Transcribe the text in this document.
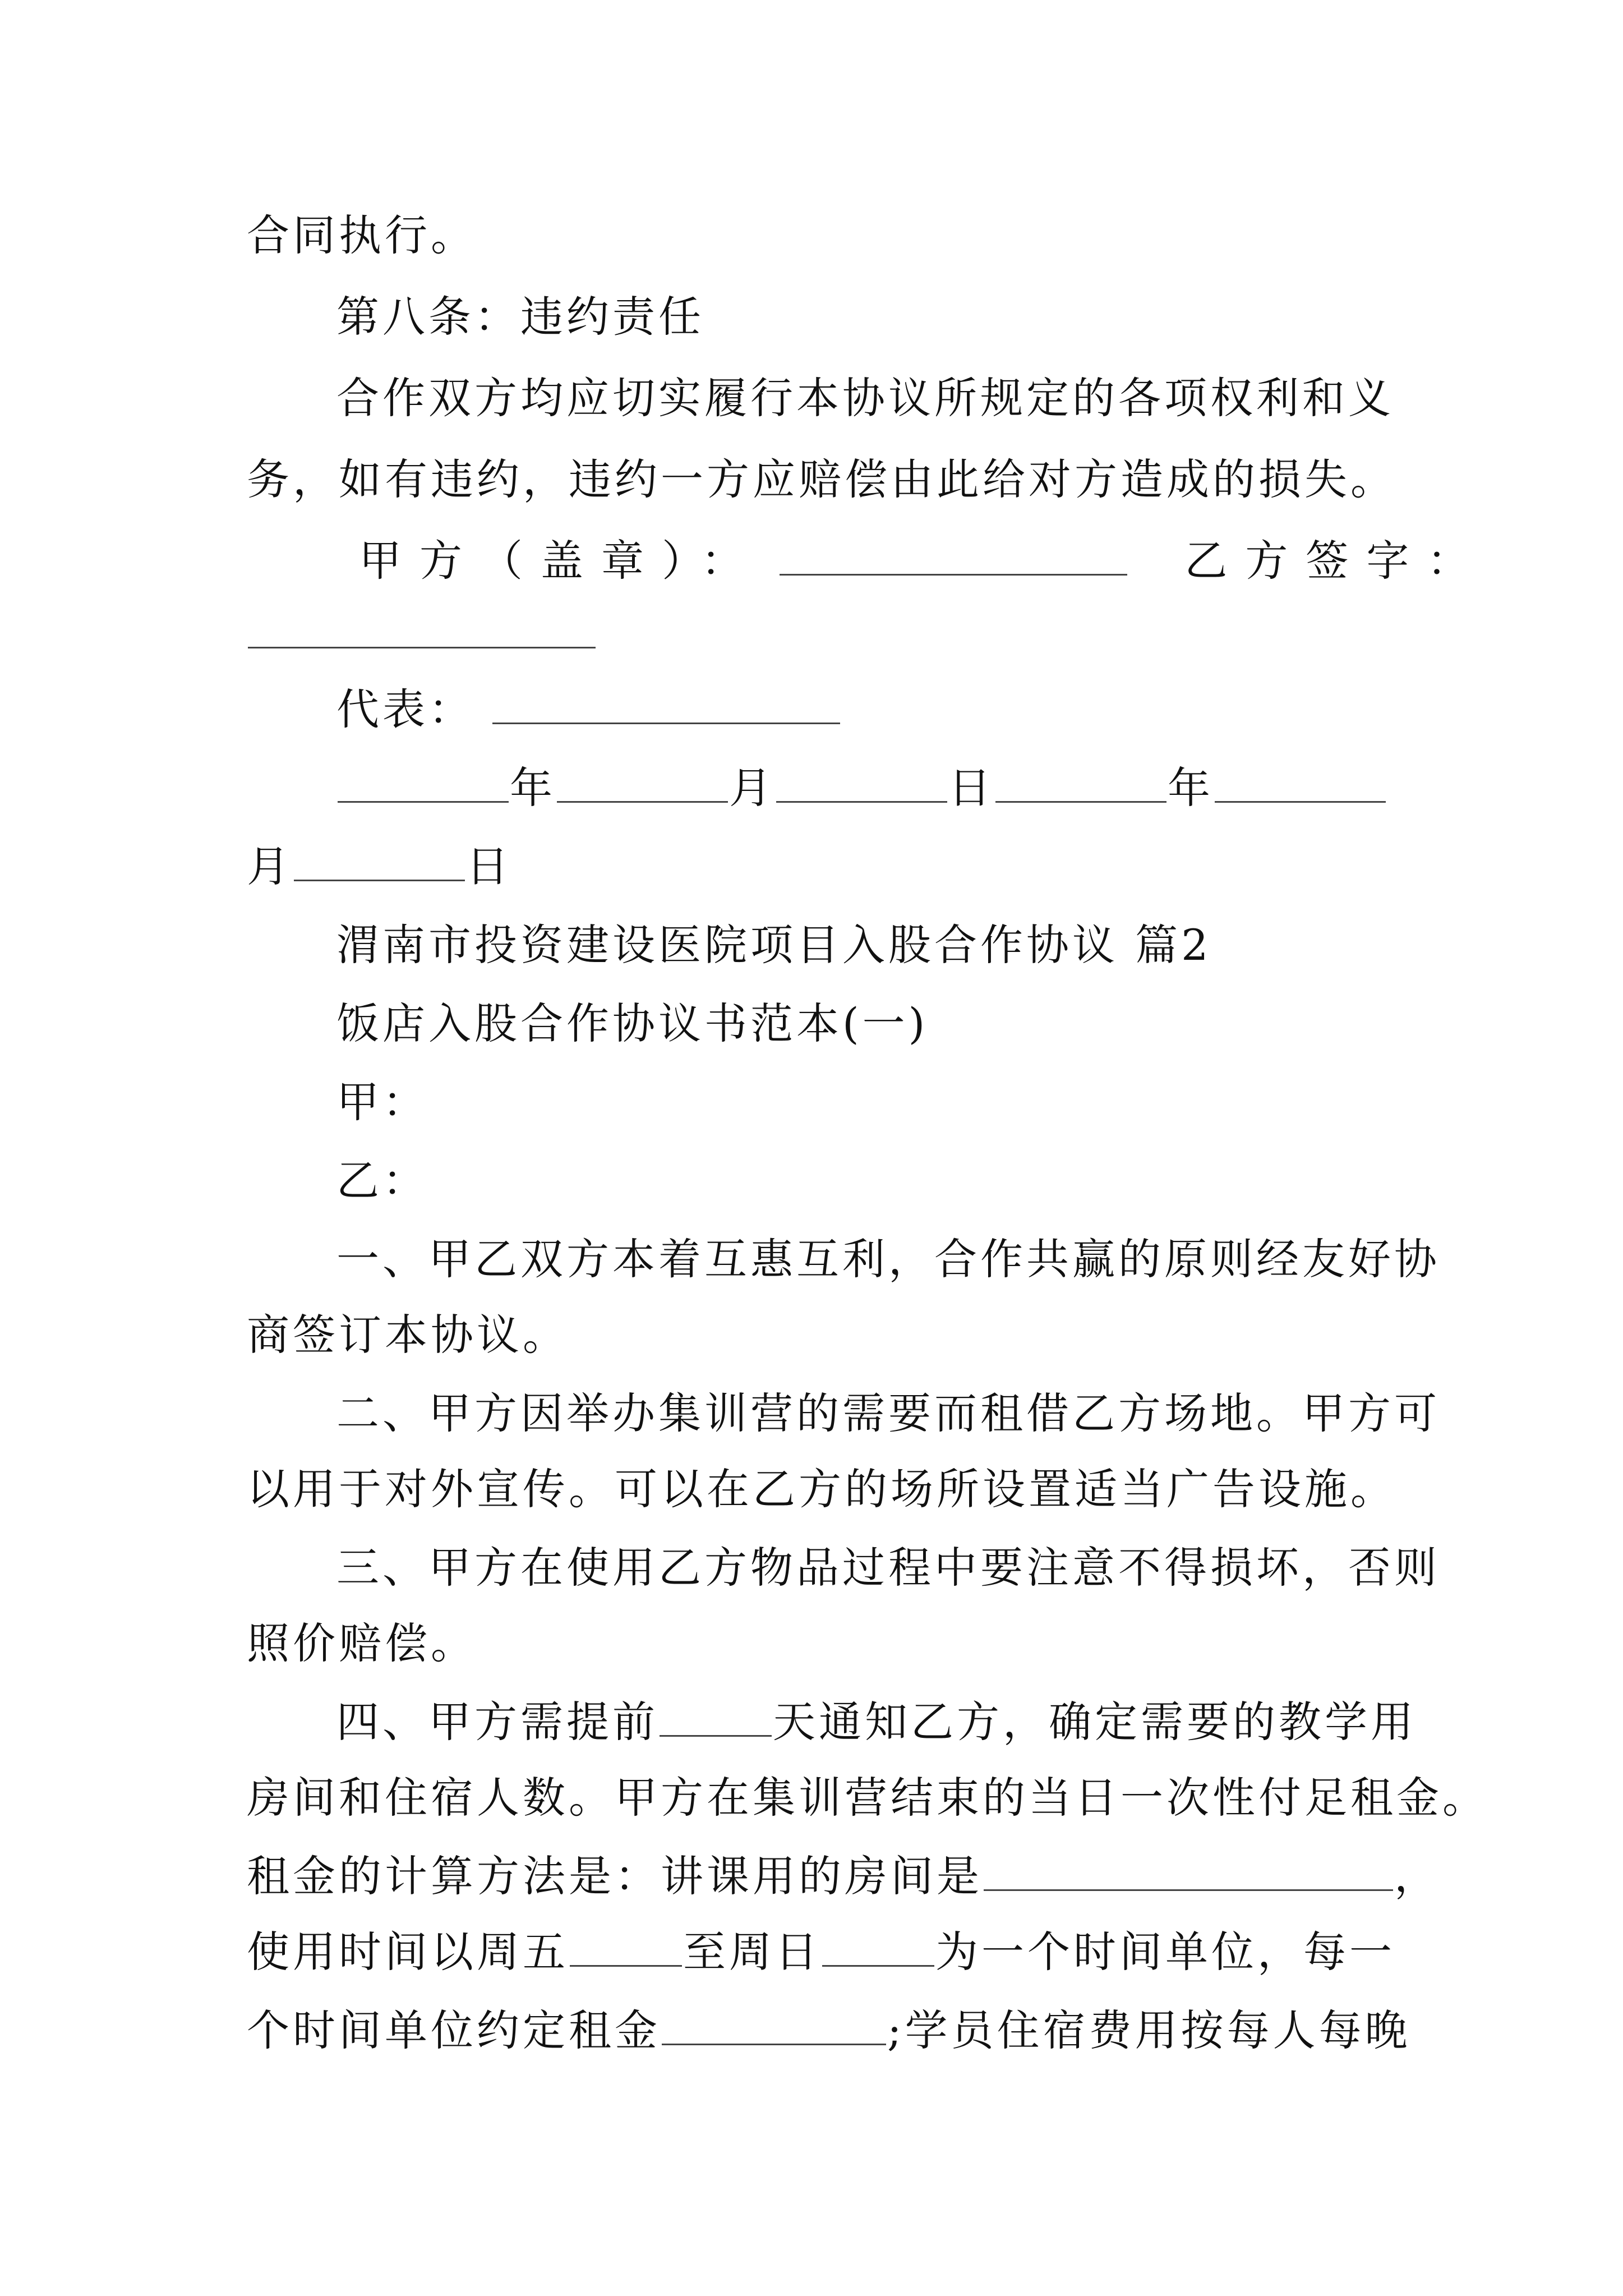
合同执行。
第八条：违约责任
合作双方均应切实履行本协议所规定的各项权利和义
务，如有违约，违约一方应赔偿由此给对方造成的损失。
甲方（盖章）：	乙方签字：
代表：
年	月	日	年
月	日
渭南市投资建设医院项目入股合作协议 篇2
饭店入股合作协议书范本(一)
甲：
乙：
一、甲乙双方本着互惠互利，合作共赢的原则经友好协
商签订本协议。
二、甲方因举办集训营的需要而租借乙方场地。甲方可
以用于对外宣传。可以在乙方的场所设置适当广告设施。
三、甲方在使用乙方物品过程中要注意不得损坏，否则
照价赔偿。
四、甲方需提前	天通知乙方，确定需要的教学用
房间和住宿人数。甲方在集训营结束的当日一次性付足租金。
租金的计算方法是：讲课用的房间是	，
使用时间以周五	至周日	为一个时间单位，每一
个时间单位约定租金	;学员住宿费用按每人每晚
